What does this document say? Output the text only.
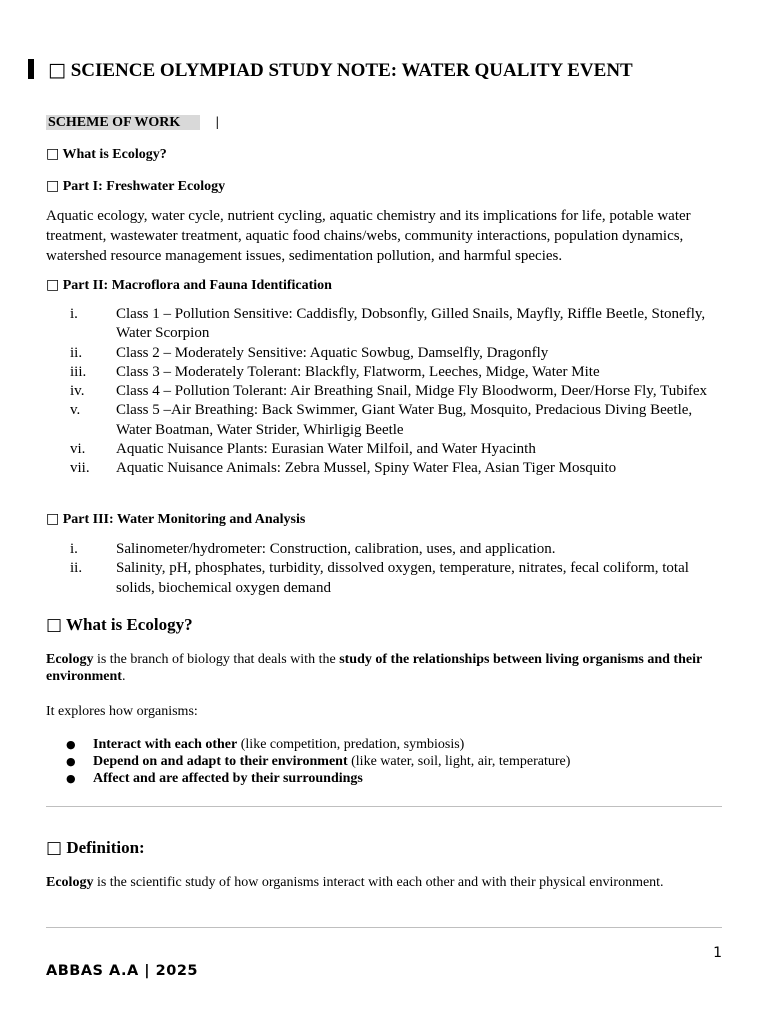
□ SCIENCE OLYMPIAD STUDY NOTE: WATER QUALITY EVENT
SCHEME OF WORK	|
□ What is Ecology?
□ Part I: Freshwater Ecology
Aquatic ecology, water cycle, nutrient cycling, aquatic chemistry and its implications for life, potable water treatment, wastewater treatment, aquatic food chains/webs, community interactions, population dynamics, watershed resource management issues, sedimentation pollution, and harmful species.
□ Part II: Macroflora and Fauna Identification
i.	Class 1 – Pollution Sensitive: Caddisfly, Dobsonfly, Gilled Snails, Mayfly, Riffle Beetle, Stonefly, Water Scorpion
ii.	Class 2 – Moderately Sensitive: Aquatic Sowbug, Damselfly, Dragonfly
iii.	Class 3 – Moderately Tolerant: Blackfly, Flatworm, Leeches, Midge, Water Mite
iv.	Class 4 – Pollution Tolerant: Air Breathing Snail, Midge Fly Bloodworm, Deer/Horse Fly, Tubifex
v.	Class 5 –Air Breathing: Back Swimmer, Giant Water Bug, Mosquito, Predacious Diving Beetle, Water Boatman, Water Strider, Whirligig Beetle
vi.	Aquatic Nuisance Plants: Eurasian Water Milfoil, and Water Hyacinth
vii.	Aquatic Nuisance Animals: Zebra Mussel, Spiny Water Flea, Asian Tiger Mosquito
□ Part III: Water Monitoring and Analysis
i.	Salinometer/hydrometer: Construction, calibration, uses, and application.
ii.	Salinity, pH, phosphates, turbidity, dissolved oxygen, temperature, nitrates, fecal coliform, total solids, biochemical oxygen demand
□ What is Ecology?
Ecology is the branch of biology that deals with the study of the relationships between living organisms and their environment.
It explores how organisms:
●	Interact with each other (like competition, predation, symbiosis)
●	Depend on and adapt to their environment (like water, soil, light, air, temperature)
●	Affect and are affected by their surroundings
□ Definition:
Ecology is the scientific study of how organisms interact with each other and with their physical environment.
1
ABBAS A.A | 2025
